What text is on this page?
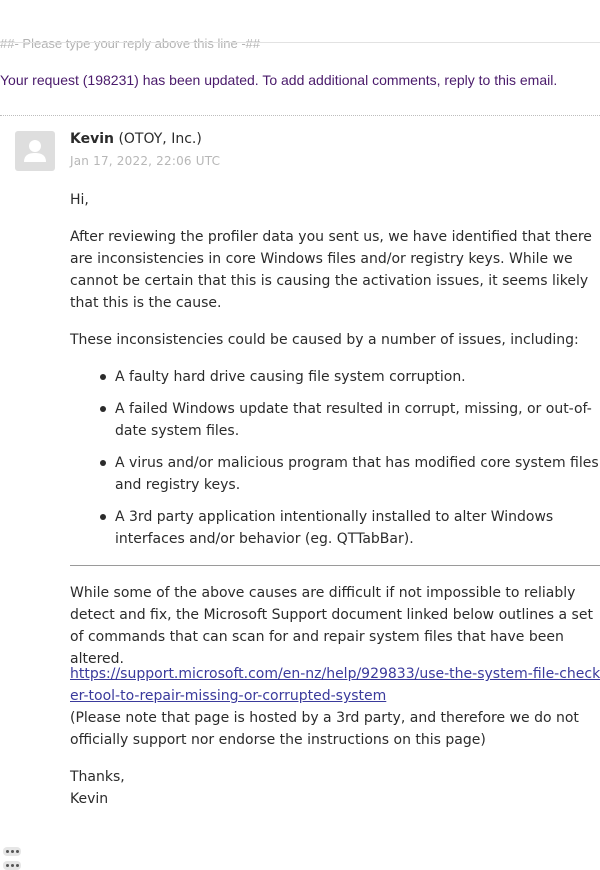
##- Please type your reply above this line -##
Your request (198231) has been updated. To add additional comments, reply to this email.
Kevin (OTOY, Inc.)
Jan 17, 2022, 22:06 UTC

Hi,

After reviewing the profiler data you sent us, we have identified that there are inconsistencies in core Windows files and/or registry keys. While we cannot be certain that this is causing the activation issues, it seems likely that this is the cause.

These inconsistencies could be caused by a number of issues, including:

A faulty hard drive causing file system corruption.
A failed Windows update that resulted in corrupt, missing, or out-of-date system files.
A virus and/or malicious program that has modified core system files and registry keys.
A 3rd party application intentionally installed to alter Windows interfaces and/or behavior (eg. QTTabBar).

While some of the above causes are difficult if not impossible to reliably detect and fix, the Microsoft Support document linked below outlines a set of commands that can scan for and repair system files that have been altered.

https://support.microsoft.com/en-nz/help/929833/use-the-system-file-checker-tool-to-repair-missing-or-corrupted-system

(Please note that page is hosted by a 3rd party, and therefore we do not officially support nor endorse the instructions on this page)

Thanks,

Kevin
